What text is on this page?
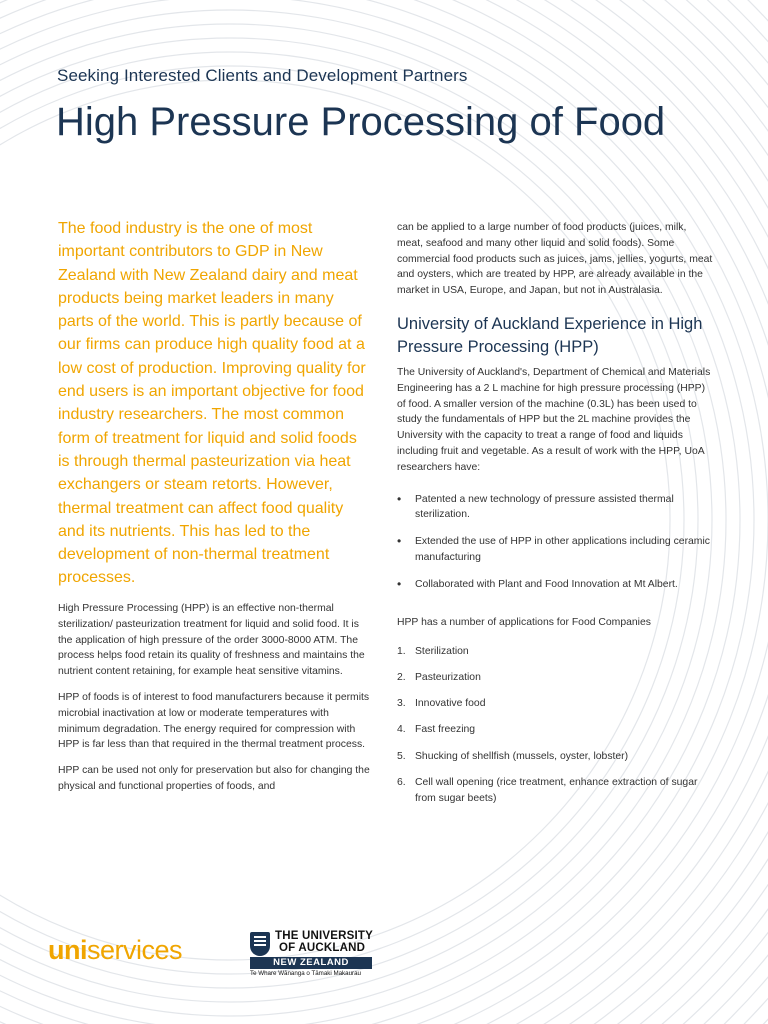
Seeking Interested Clients and Development Partners
High Pressure Processing of Food

The food industry is the one of most important contributors to GDP in New Zealand with New Zealand dairy and meat products being market leaders in many parts of the world. This is partly because of our firms can produce high quality food at a low cost of production. Improving quality for end users is an important objective for food industry researchers. The most common form of treatment for liquid and solid foods is through thermal pasteurization via heat exchangers or steam retorts. However, thermal treatment can affect food quality and its nutrients. This has led to the development of non-thermal treatment processes.

High Pressure Processing (HPP) is an effective non-thermal sterilization/ pasteurization treatment for liquid and solid food. It is the application of high pressure of the order 3000-8000 ATM. The process helps food retain its quality of freshness and maintains the nutrient content retaining, for example heat sensitive vitamins.

HPP of foods is of interest to food manufacturers because it permits microbial inactivation at low or moderate temperatures with minimum degradation. The energy required for compression with HPP is far less than that required in the thermal treatment process.

HPP can be used not only for preservation but also for changing the physical and functional properties of foods, and

can be applied to a large number of food products (juices, milk, meat, seafood and many other liquid and solid foods). Some commercial food products such as juices, jams, jellies, yogurts, meat and oysters, which are treated by HPP, are already available in the market in USA, Europe, and Japan, but not in Australasia.

University of Auckland Experience in High Pressure Processing (HPP)

The University of Auckland's, Department of Chemical and Materials Engineering has a 2 L machine for high pressure processing (HPP) of food. A smaller version of the machine (0.3L) has been used to study the fundamentals of HPP but the 2L machine provides the University with the capacity to treat a range of food and liquids including fruit and vegetable. As a result of work with the HPP, UoA researchers have:

• Patented a new technology of pressure assisted thermal sterilization.
• Extended the use of HPP in other applications including ceramic manufacturing
• Collaborated with Plant and Food Innovation at Mt Albert.
HPP has a number of applications for Food Companies
1. Sterilization
2. Pasteurization
3. Innovative food
4. Fast freezing
5. Shucking of shellfish (mussels, oyster, lobster)
6. Cell wall opening (rice treatment, enhance extraction of sugar from sugar beets)
uniservices	THE UNIVERSITY
OF AUCKLAND
NEW ZEALAND
Te Whare Wānanga o Tāmaki Makaurau
